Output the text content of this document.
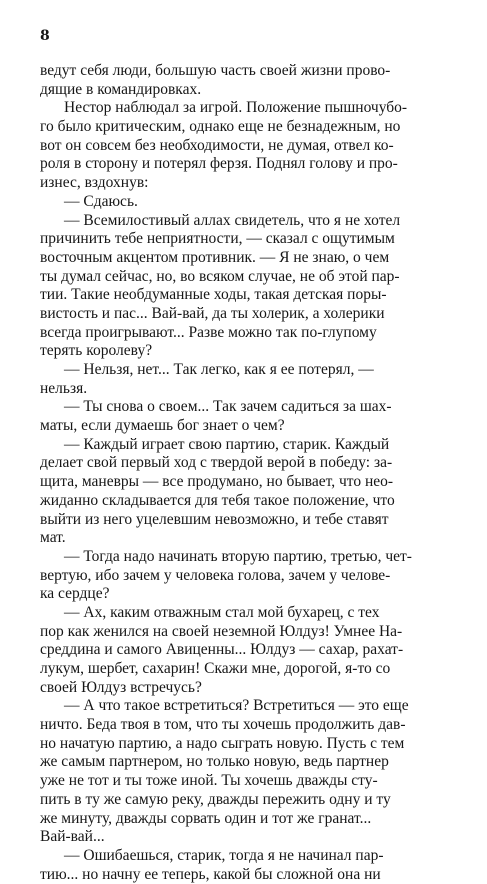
8
ведут себя люди, большую часть своей жизни прово-
дящие в командировках.
Нестор наблюдал за игрой. Положение пышночубо-
го было критическим, однако еще не безнадежным, но
вот он совсем без необходимости, не думая, отвел ко-
роля в сторону и потерял ферзя. Поднял голову и про-
изнес, вздохнув:
— Сдаюсь.
— Всемилостивый аллах свидетель, что я не хотел
причинить тебе неприятности, — сказал с ощутимым
восточным акцентом противник. — Я не знаю, о чем
ты думал сейчас, но, во всяком случае, не об этой пар-
тии. Такие необдуманные ходы, такая детская поры-
вистость и пас... Вай-вай, да ты холерик, а холерики
всегда проигрывают... Разве можно так по-глупому
терять королеву?
— Нельзя, нет... Так легко, как я ее потерял, —
нельзя.
— Ты снова о своем... Так зачем садиться за шах-
маты, если думаешь бог знает о чем?
— Каждый играет свою партию, старик. Каждый
делает свой первый ход с твердой верой в победу: за-
щита, маневры — все продумано, но бывает, что нео-
жиданно складывается для тебя такое положение, что
выйти из него уцелевшим невозможно, и тебе ставят
мат.
— Тогда надо начинать вторую партию, третью, чет-
вертую, ибо зачем у человека голова, зачем у челове-
ка сердце?
— Ах, каким отважным стал мой бухарец, с тех
пор как женился на своей неземной Юлдуз! Умнее На-
среддина и самого Авиценны... Юлдуз — сахар, рахат-
лукум, шербет, сахарин! Скажи мне, дорогой, я-то со
своей Юлдуз встречусь?
— А что такое встретиться? Встретиться — это еще
ничто. Беда твоя в том, что ты хочешь продолжить дав-
но начатую партию, а надо сыграть новую. Пусть с тем
же самым партнером, но только новую, ведь партнер
уже не тот и ты тоже иной. Ты хочешь дважды сту-
пить в ту же самую реку, дважды пережить одну и ту
же минуту, дважды сорвать один и тот же гранат...
Вай-вай...
— Ошибаешься, старик, тогда я не начинал пар-
тию... но начну ее теперь, какой бы сложной она ни
